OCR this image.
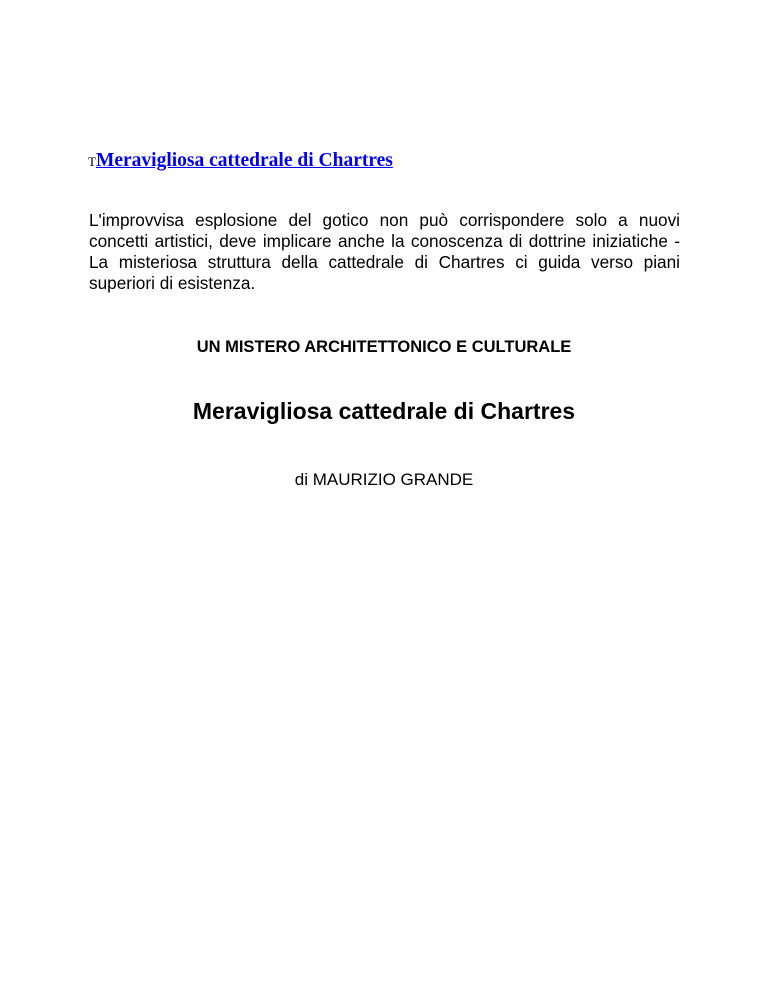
TMeravigliosa cattedrale di Chartres

L'improvvisa esplosione del gotico non può corrispondere solo a nuovi concetti artistici, deve implicare anche la conoscenza di dottrine iniziatiche - La misteriosa struttura della cattedrale di Chartres ci guida verso piani superiori di esistenza.

UN MISTERO ARCHITETTONICO E CULTURALE

Meravigliosa cattedrale di Chartres

di MAURIZIO GRANDE
